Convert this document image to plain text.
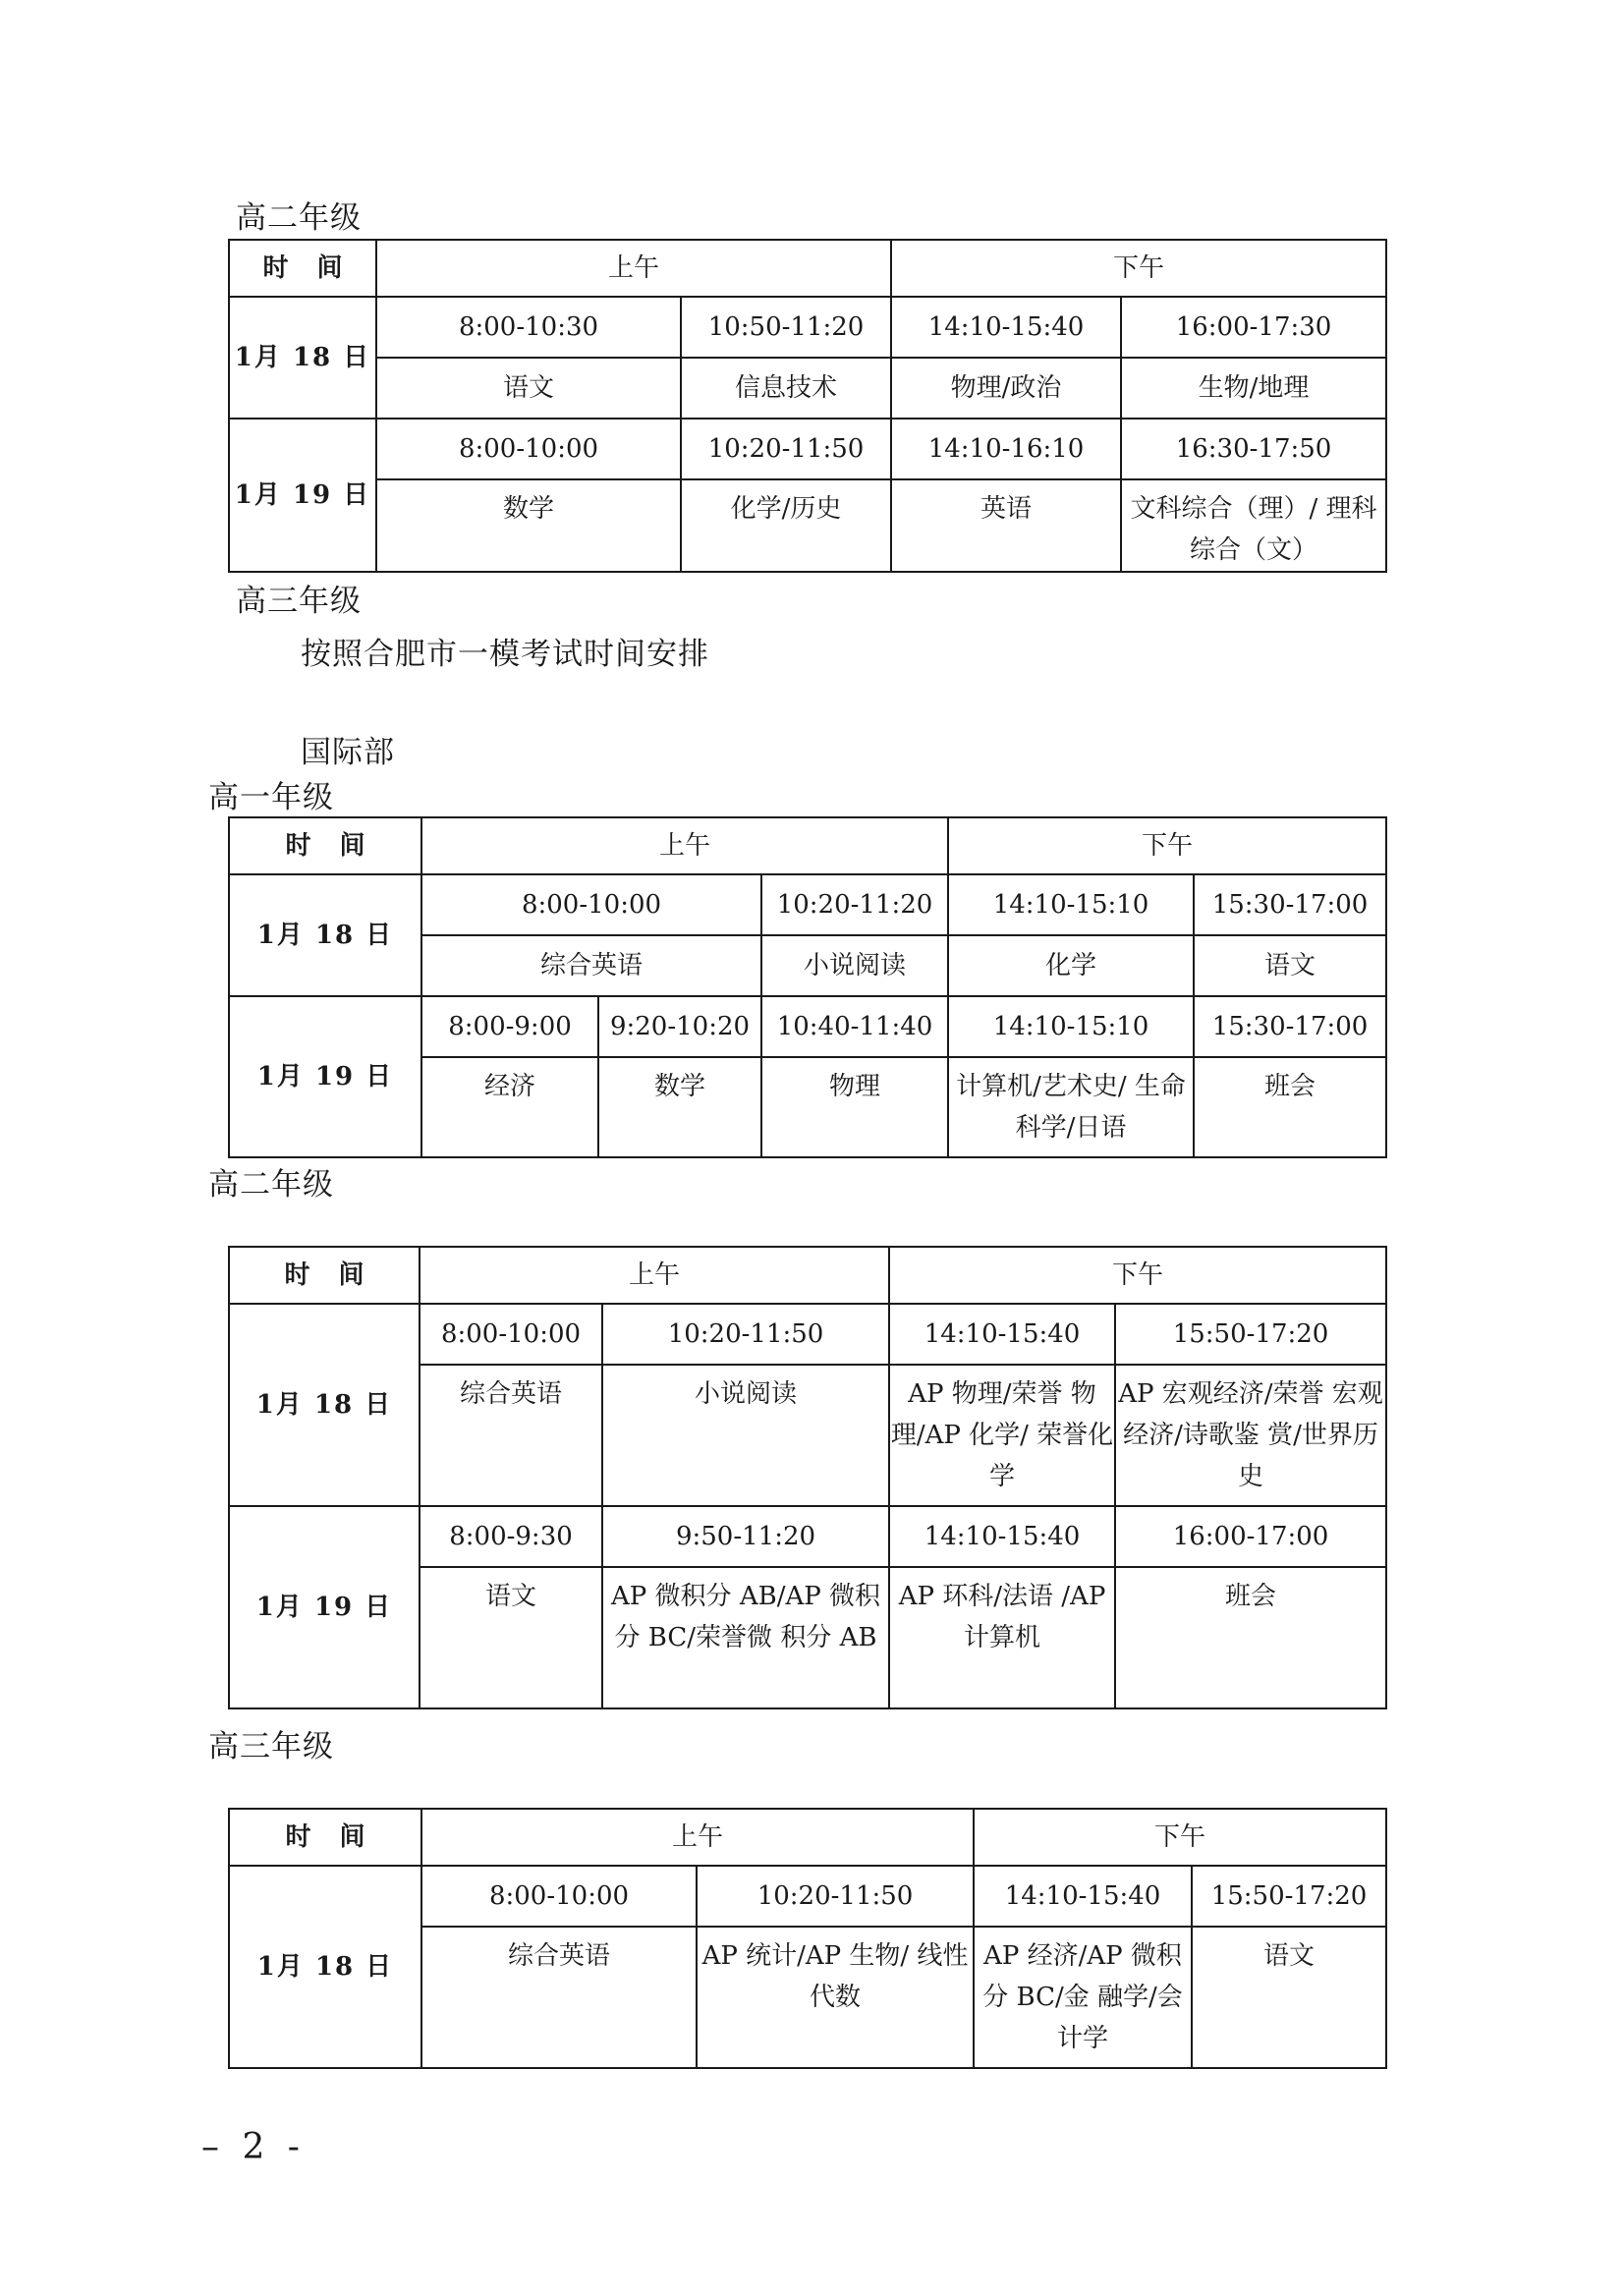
高二年级
时 间	上午		下午	
1月 18 日	8:00-10:30	10:50-11:20	14:10-15:40	16:00-17:30
	语文	信息技术	物理/政治	生物/地理
1月 19 日	8:00-10:00	10:20-11:50	14:10-16:10	16:30-17:50
	数学	化学/历史	英语	文科综合（理）/ 理科综合（文）
高三年级
按照合肥市一模考试时间安排
国际部
高一年级
时 间	上午			下午	
1月 18 日	8:00-10:00		10:20-11:20	14:10-15:10	15:30-17:00
	综合英语		小说阅读	化学	语文
1月 19 日	8:00-9:00	9:20-10:20	10:40-11:40	14:10-15:10	15:30-17:00
	经济	数学	物理	计算机/艺术史/ 生命科学/日语	班会
高二年级
时 间	上午		下午	
1月 18 日	8:00-10:00	10:20-11:50	14:10-15:40	15:50-17:20
	综合英语	小说阅读	AP 物理/荣誉 物理/AP 化学/ 荣誉化学	AP 宏观经济/荣誉 宏观经济/诗歌鉴 赏/世界历史
1月 19 日	8:00-9:30	9:50-11:20	14:10-15:40	16:00-17:00
	语文	AP 微积分 AB/AP 微积分 BC/荣誉微 积分 AB	AP 环科/法语 /AP 计算机	班会
高三年级
时 间	上午		下午	
1月 18 日	8:00-10:00	10:20-11:50	14:10-15:40	15:50-17:20
	综合英语	AP 统计/AP 生物/ 线性代数	AP 经济/AP 微积分 BC/金 融学/会计学	语文
– 2 -
